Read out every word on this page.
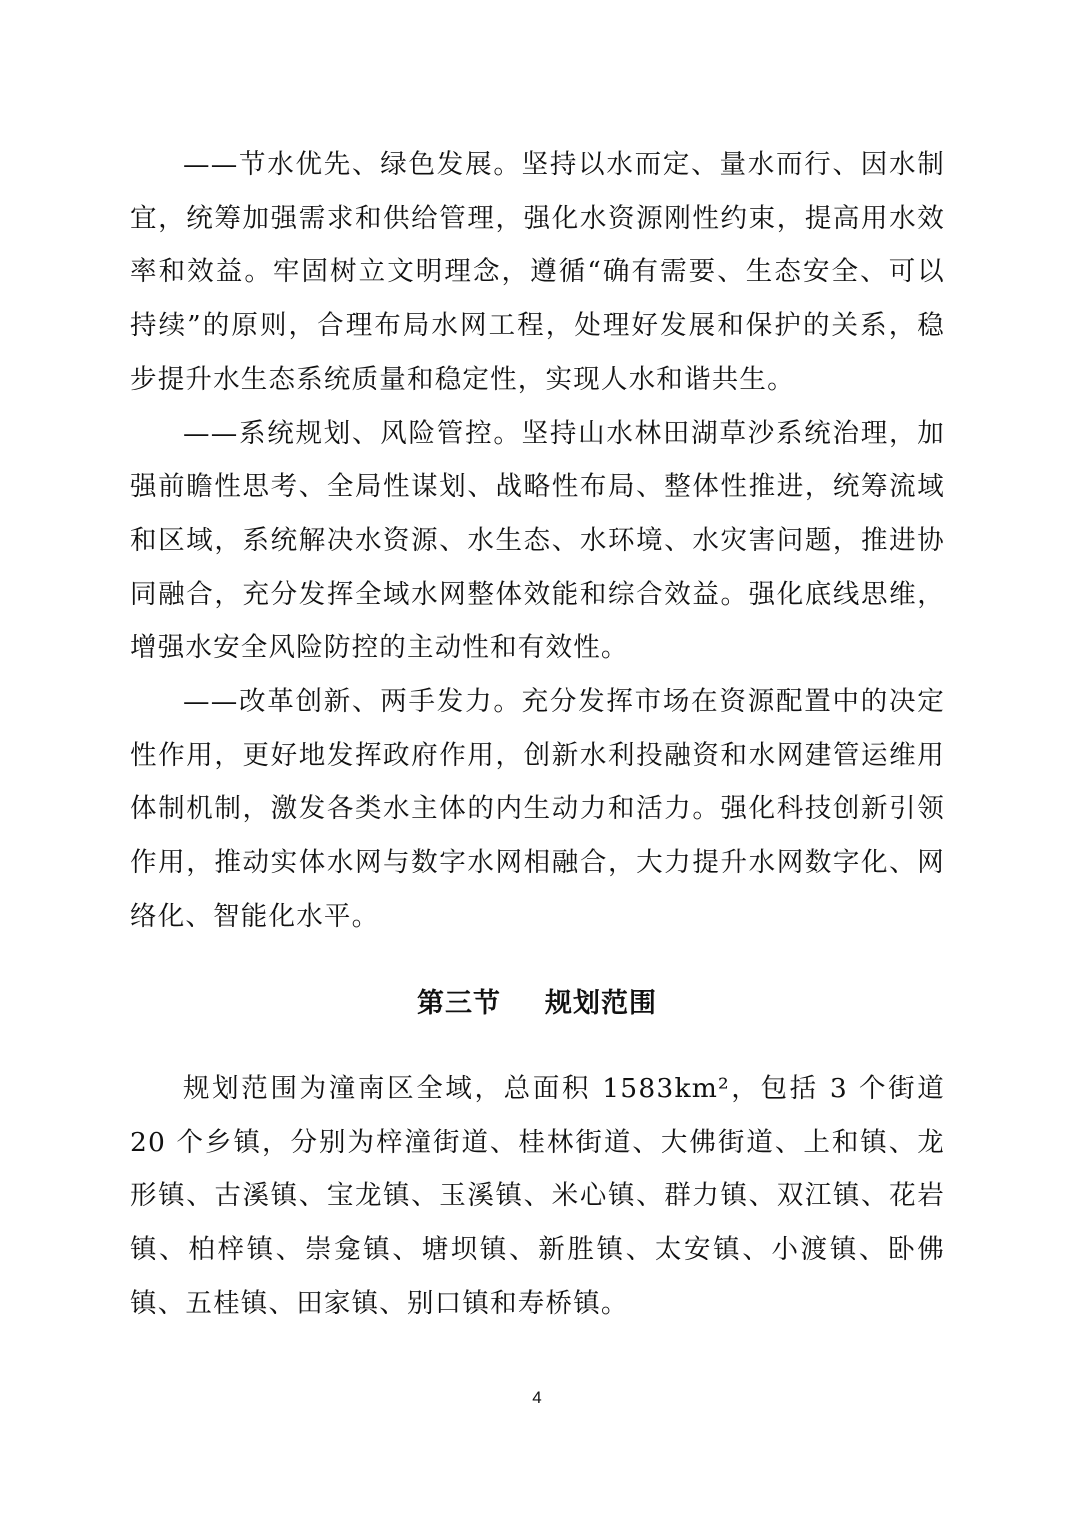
——节水优先、绿色发展。坚持以水而定、量水而行、因水制宜，统筹加强需求和供给管理，强化水资源刚性约束，提高用水效率和效益。牢固树立文明理念，遵循“确有需要、生态安全、可以持续”的原则，合理布局水网工程，处理好发展和保护的关系，稳步提升水生态系统质量和稳定性，实现人水和谐共生。

——系统规划、风险管控。坚持山水林田湖草沙系统治理，加强前瞻性思考、全局性谋划、战略性布局、整体性推进，统筹流域和区域，系统解决水资源、水生态、水环境、水灾害问题，推进协同融合，充分发挥全域水网整体效能和综合效益。强化底线思维，增强水安全风险防控的主动性和有效性。

——改革创新、两手发力。充分发挥市场在资源配置中的决定性作用，更好地发挥政府作用，创新水利投融资和水网建管运维用体制机制，激发各类水主体的内生动力和活力。强化科技创新引领作用，推动实体水网与数字水网相融合，大力提升水网数字化、网络化、智能化水平。

第三节 规划范围

规划范围为潼南区全域，总面积 1583km²，包括 3 个街道 20 个乡镇，分别为梓潼街道、桂林街道、大佛街道、上和镇、龙形镇、古溪镇、宝龙镇、玉溪镇、米心镇、群力镇、双江镇、花岩镇、柏梓镇、崇龛镇、塘坝镇、新胜镇、太安镇、小渡镇、卧佛镇、五桂镇、田家镇、别口镇和寿桥镇。

4
